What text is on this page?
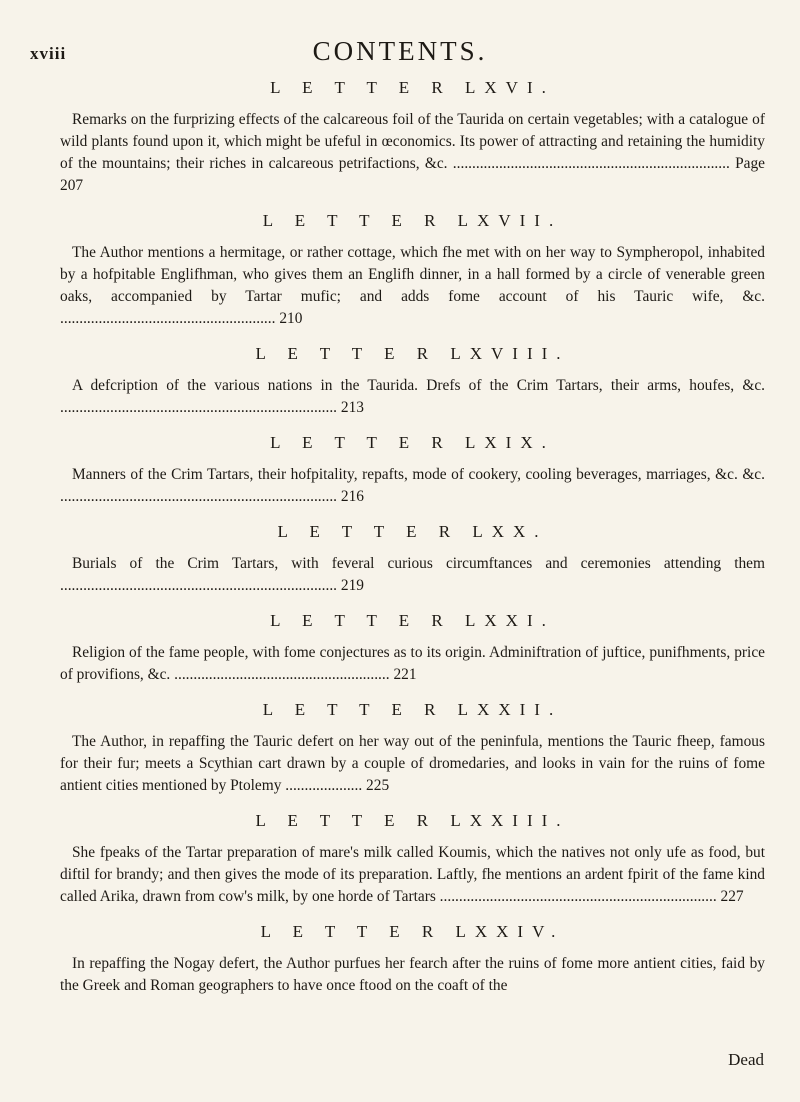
xviii	CONTENTS.
L E T T E R LXVI.

Remarks on the furprizing effects of the calcareous foil of the Taurida on certain vegetables; with a catalogue of wild plants found upon it, which might be ufeful in œconomics. Its power of attracting and retaining the humidity of the mountains; their riches in calcareous petrifactions, &c. ........................................................................ Page 207

L E T T E R LXVII.

The Author mentions a hermitage, or rather cottage, which fhe met with on her way to Sympheropol, inhabited by a hofpitable Englifhman, who gives them an Englifh dinner, in a hall formed by a circle of venerable green oaks, accompanied by Tartar mufic; and adds fome account of his Tauric wife, &c. ........................................................ 210

L E T T E R LXVIII.

A defcription of the various nations in the Taurida. Drefs of the Crim Tartars, their arms, houfes, &c. ........................................................................ 213

L E T T E R LXIX.

Manners of the Crim Tartars, their hofpitality, repafts, mode of cookery, cooling beverages, marriages, &c. &c. ........................................................................ 216

L E T T E R LXX.

Burials of the Crim Tartars, with feveral curious circumftances and ceremonies attending them ........................................................................ 219

L E T T E R LXXI.

Religion of the fame people, with fome conjectures as to its origin. Adminiftration of juftice, punifhments, price of provifions, &c. ........................................................ 221

L E T T E R LXXII.

The Author, in repaffing the Tauric defert on her way out of the peninfula, mentions the Tauric fheep, famous for their fur; meets a Scythian cart drawn by a couple of dromedaries, and looks in vain for the ruins of fome antient cities mentioned by Ptolemy .................... 225

L E T T E R LXXIII.

She fpeaks of the Tartar preparation of mare's milk called Koumis, which the natives not only ufe as food, but diftil for brandy; and then gives the mode of its preparation. Laftly, fhe mentions an ardent fpirit of the fame kind called Arika, drawn from cow's milk, by one horde of Tartars ........................................................................ 227

L E T T E R LXXIV.

In repaffing the Nogay defert, the Author purfues her fearch after the ruins of fome more antient cities, faid by the Greek and Roman geographers to have once ftood on the coaft of the

Dead
